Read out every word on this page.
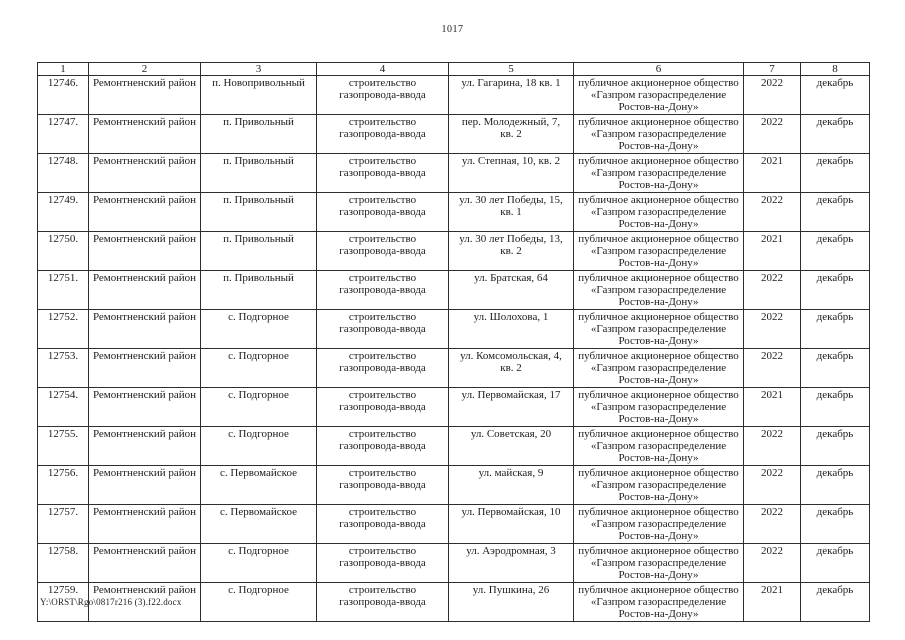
1017
1	2	3	4	5	6	7	8
12746.	Ремонтненский район	п. Новопривольный	строительство газопровода-ввода	ул. Гагарина, 18 кв. 1	публичное акционерное общество «Газпром газораспределение Ростов-на-Дону»	2022	декабрь
12747.	Ремонтненский район	п. Привольный	строительство газопровода-ввода	пер. Молодежный, 7, кв. 2	публичное акционерное общество «Газпром газораспределение Ростов-на-Дону»	2022	декабрь
12748.	Ремонтненский район	п. Привольный	строительство газопровода-ввода	ул. Степная, 10, кв. 2	публичное акционерное общество «Газпром газораспределение Ростов-на-Дону»	2021	декабрь
12749.	Ремонтненский район	п. Привольный	строительство газопровода-ввода	ул. 30 лет Победы, 15, кв. 1	публичное акционерное общество «Газпром газораспределение Ростов-на-Дону»	2022	декабрь
12750.	Ремонтненский район	п. Привольный	строительство газопровода-ввода	ул. 30 лет Победы, 13, кв. 2	публичное акционерное общество «Газпром газораспределение Ростов-на-Дону»	2021	декабрь
12751.	Ремонтненский район	п. Привольный	строительство газопровода-ввода	ул. Братская, 64	публичное акционерное общество «Газпром газораспределение Ростов-на-Дону»	2022	декабрь
12752.	Ремонтненский район	с. Подгорное	строительство газопровода-ввода	ул. Шолохова, 1	публичное акционерное общество «Газпром газораспределение Ростов-на-Дону»	2022	декабрь
12753.	Ремонтненский район	с. Подгорное	строительство газопровода-ввода	ул. Комсомольская, 4, кв. 2	публичное акционерное общество «Газпром газораспределение Ростов-на-Дону»	2022	декабрь
12754.	Ремонтненский район	с. Подгорное	строительство газопровода-ввода	ул. Первомайская, 17	публичное акционерное общество «Газпром газораспределение Ростов-на-Дону»	2021	декабрь
12755.	Ремонтненский район	с. Подгорное	строительство газопровода-ввода	ул. Советская, 20	публичное акционерное общество «Газпром газораспределение Ростов-на-Дону»	2022	декабрь
12756.	Ремонтненский район	с. Первомайское	строительство газопровода-ввода	ул. майская, 9	публичное акционерное общество «Газпром газораспределение Ростов-на-Дону»	2022	декабрь
12757.	Ремонтненский район	с. Первомайское	строительство газопровода-ввода	ул. Первомайская, 10	публичное акционерное общество «Газпром газораспределение Ростов-на-Дону»	2022	декабрь
12758.	Ремонтненский район	с. Подгорное	строительство газопровода-ввода	ул. Аэродромная, 3	публичное акционерное общество «Газпром газораспределение Ростов-на-Дону»	2022	декабрь
12759.	Ремонтненский район	с. Подгорное	строительство газопровода-ввода	ул. Пушкина, 26	публичное акционерное общество «Газпром газораспределение Ростов-на-Дону»	2021	декабрь
Y:\ORST\Rgo\0817r216 (3).f22.docx
